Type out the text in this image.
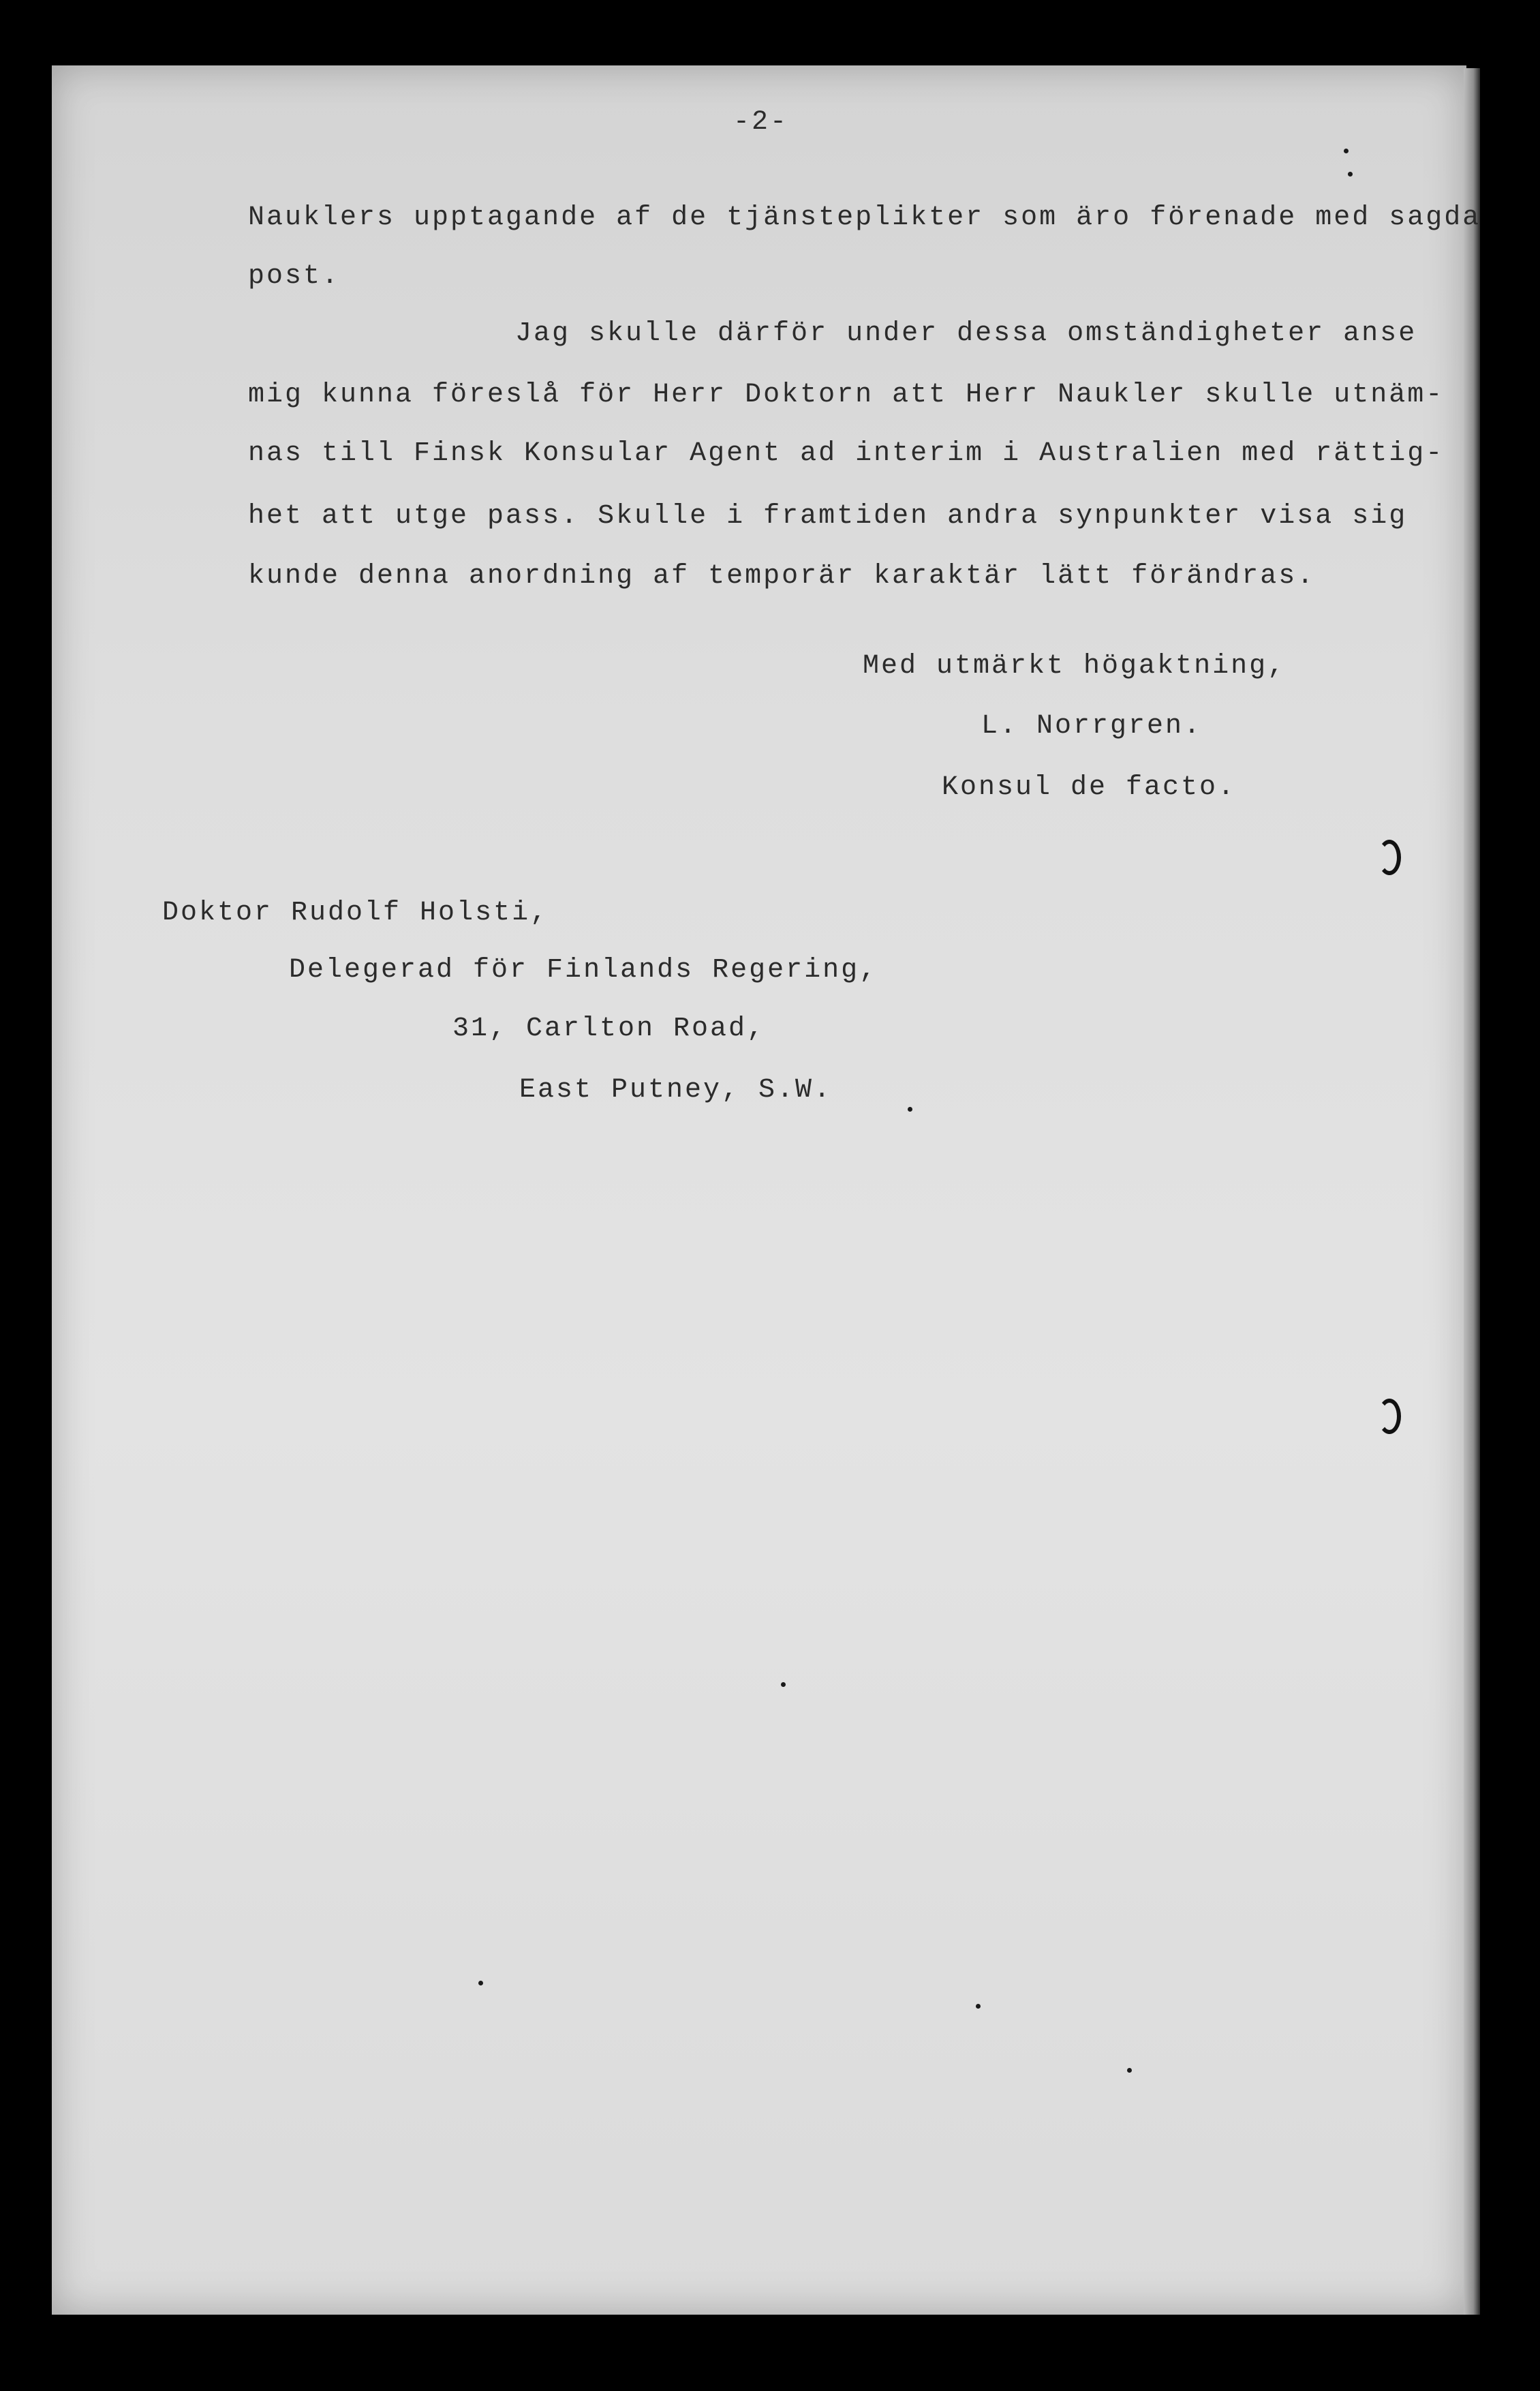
-2-
Nauklers upptagande af de tjänsteplikter som äro förenade med sagda
post.
Jag skulle därför under dessa omständigheter anse
mig kunna föreslå för Herr Doktorn att Herr Naukler skulle utnäm-
nas till Finsk Konsular Agent ad interim i Australien med rättig-
het att utge pass. Skulle i framtiden andra synpunkter visa sig
kunde denna anordning af temporär karaktär lätt förändras.
Med utmärkt högaktning,
L. Norrgren.
Konsul de facto.
Doktor Rudolf Holsti,
Delegerad för Finlands Regering,
31, Carlton Road,
East Putney, S.W.
